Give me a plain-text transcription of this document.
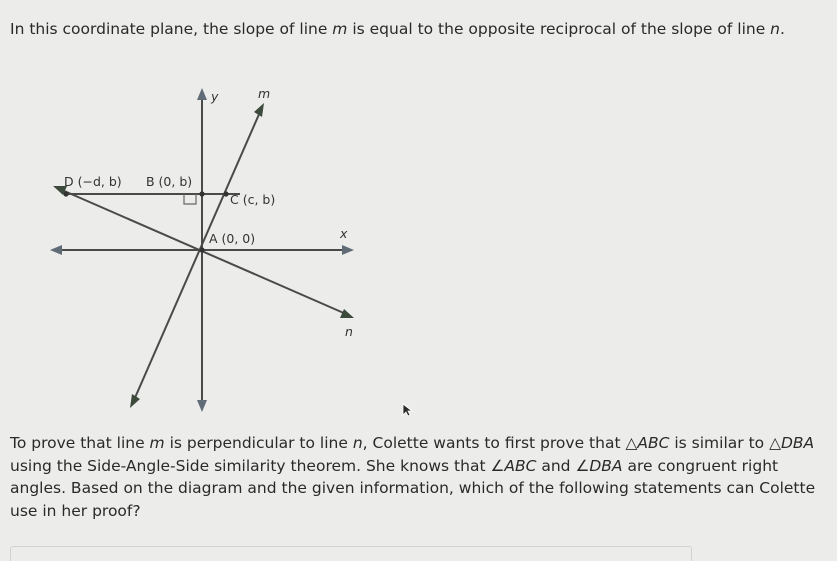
In this coordinate plane, the slope of line m is equal to the opposite reciprocal of the slope of line n.

y	m
x
n
D (−d, b) B (0, b)
C (c, b)
A (0, 0)

To prove that line m is perpendicular to line n, Colette wants to first prove that △ABC is similar to △DBA using the Side-Angle-Side similarity theorem. She knows that ∠ABC and ∠DBA are congruent right angles. Based on the diagram and the given information, which of the following statements can Colette use in her proof?
